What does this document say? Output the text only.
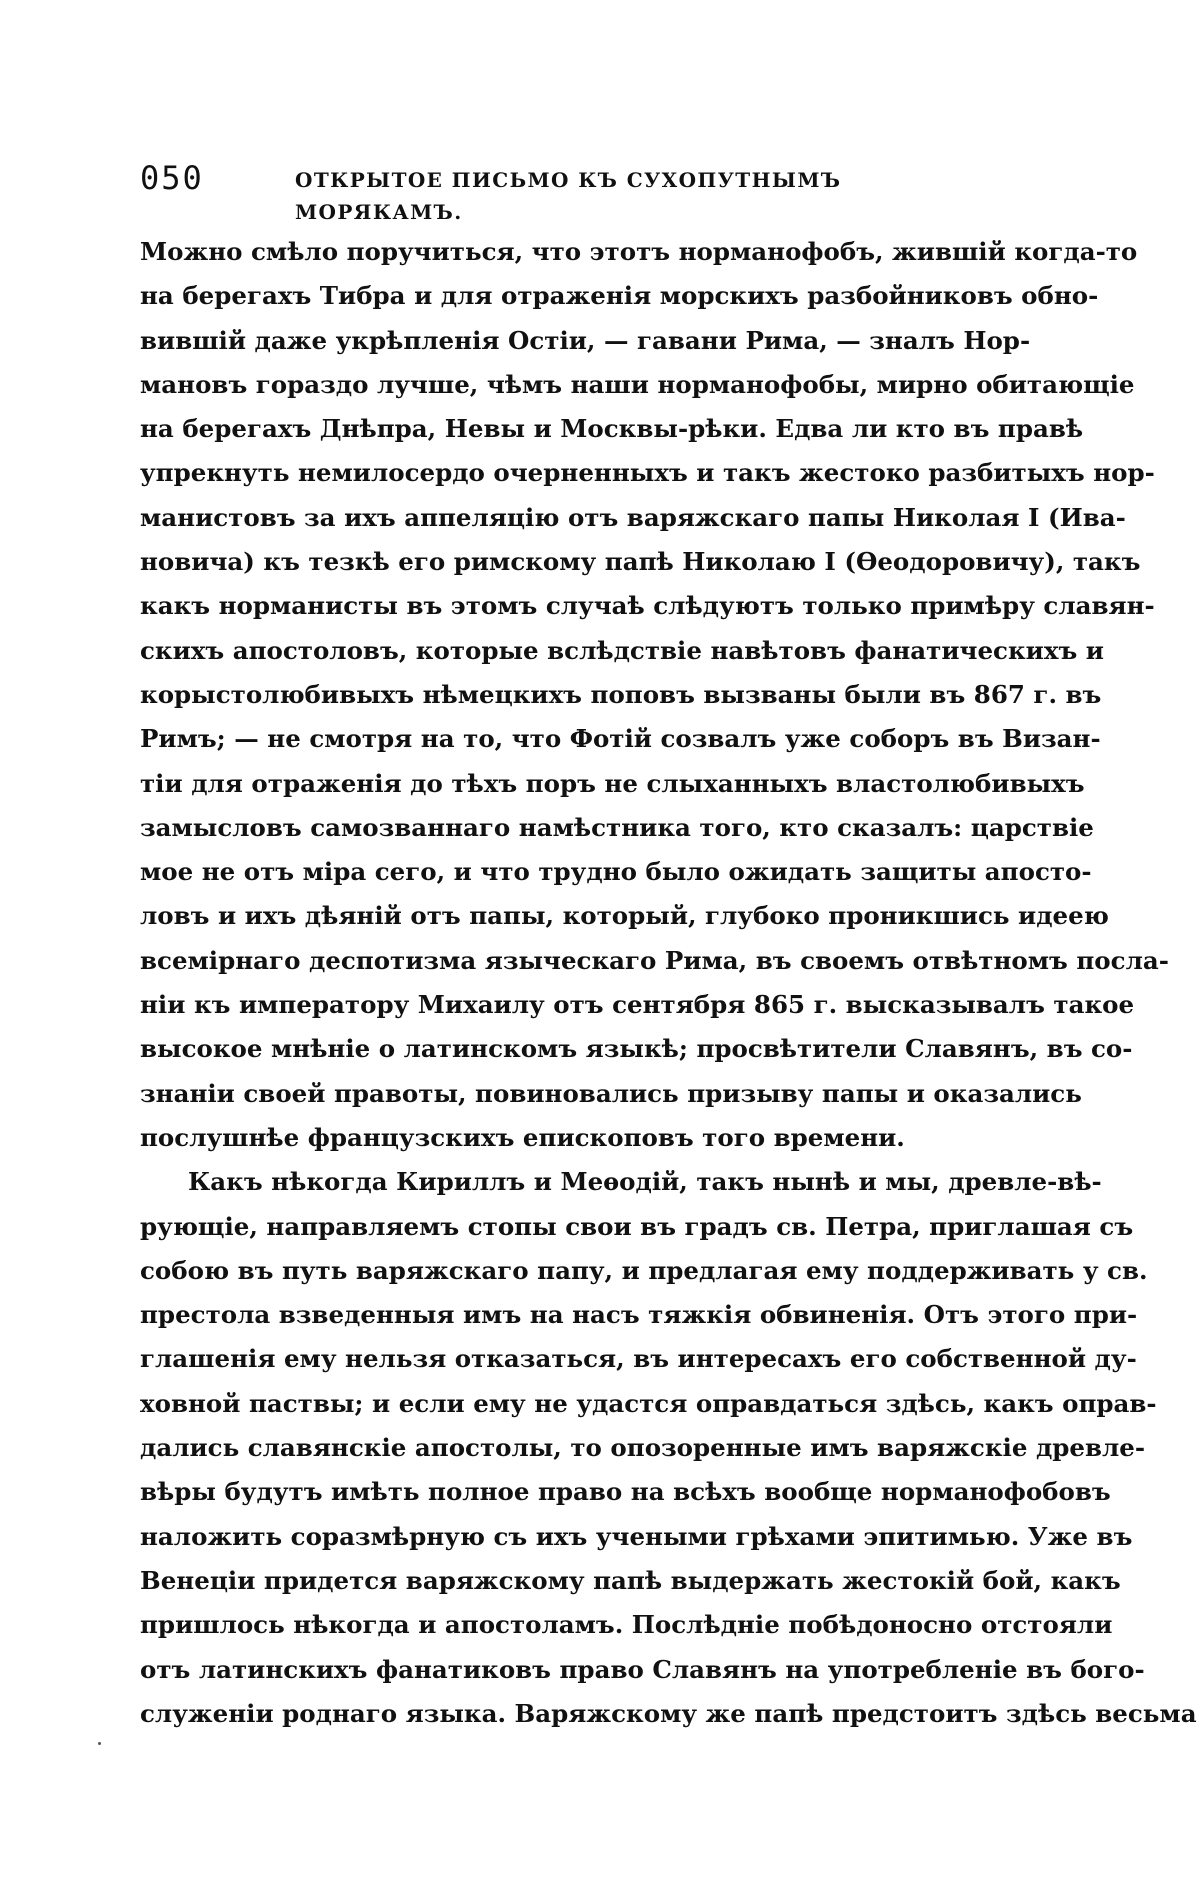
050	ОТКРЫТОЕ ПИСЬМО КЪ СУХОПУТНЫМЪ МОРЯКАМЪ.
Можно смѣло поручиться, что этотъ норманофобъ, жившій когда-то
на берегахъ Тибра и для отраженія морскихъ разбойниковъ обно-
вившій даже укрѣпленія Остіи, — гавани Рима, — зналъ Нор-
мановъ гораздо лучше, чѣмъ наши норманофобы, мирно обитающіе
на берегахъ Днѣпра, Невы и Москвы-рѣки. Едва ли кто въ правѣ
упрекнуть немилосердо очерненныхъ и такъ жестоко разбитыхъ нор-
манистовъ за ихъ аппеляцію отъ варяжскаго папы Николая I (Ива-
новича) къ тезкѣ его римскому папѣ Николаю I (Өеодоровичу), такъ
какъ норманисты въ этомъ случаѣ слѣдуютъ только примѣру славян-
скихъ апостоловъ, которые вслѣдствіе навѣтовъ фанатическихъ и
корыстолюбивыхъ нѣмецкихъ поповъ вызваны были въ 867 г. въ
Римъ; — не смотря на то, что Фотій созвалъ уже соборъ въ Визан-
тіи для отраженія до тѣхъ поръ не слыханныхъ властолюбивыхъ
замысловъ самозваннаго намѣстника того, кто сказалъ: царствіе
мое не отъ міра сего, и что трудно было ожидать защиты апосто-
ловъ и ихъ дѣяній отъ папы, который, глубоко проникшись идеею
всемірнаго деспотизма языческаго Рима, въ своемъ отвѣтномъ посла-
ніи къ императору Михаилу отъ сентября 865 г. высказывалъ такое
высокое мнѣніе о латинскомъ языкѣ; просвѣтители Славянъ, въ со-
знаніи своей правоты, повиновались призыву папы и оказались
послушнѣе французскихъ епископовъ того времени.
Какъ нѣкогда Кириллъ и Меѳодій, такъ нынѣ и мы, древле-вѣ-
рующіе, направляемъ стопы свои въ градъ св. Петра, приглашая съ
собою въ путь варяжскаго папу, и предлагая ему поддерживать у св.
престола взведенныя имъ на насъ тяжкія обвиненія. Отъ этого при-
глашенія ему нельзя отказаться, въ интересахъ его собственной ду-
ховной паствы; и если ему не удастся оправдаться здѣсь, какъ оправ-
дались славянскіе апостолы, то опозоренные имъ варяжскіе древле-
вѣры будутъ имѣть полное право на всѣхъ вообще норманофобовъ
наложить соразмѣрную съ ихъ учеными грѣхами эпитимью. Уже въ
Венеціи придется варяжскому папѣ выдержать жестокій бой, какъ
пришлось нѣкогда и апостоламъ. Послѣдніе побѣдоносно отстояли
отъ латинскихъ фанатиковъ право Славянъ на употребленіе въ бого-
служеніи роднаго языка. Варяжскому же папѣ предстоитъ здѣсь весьма
